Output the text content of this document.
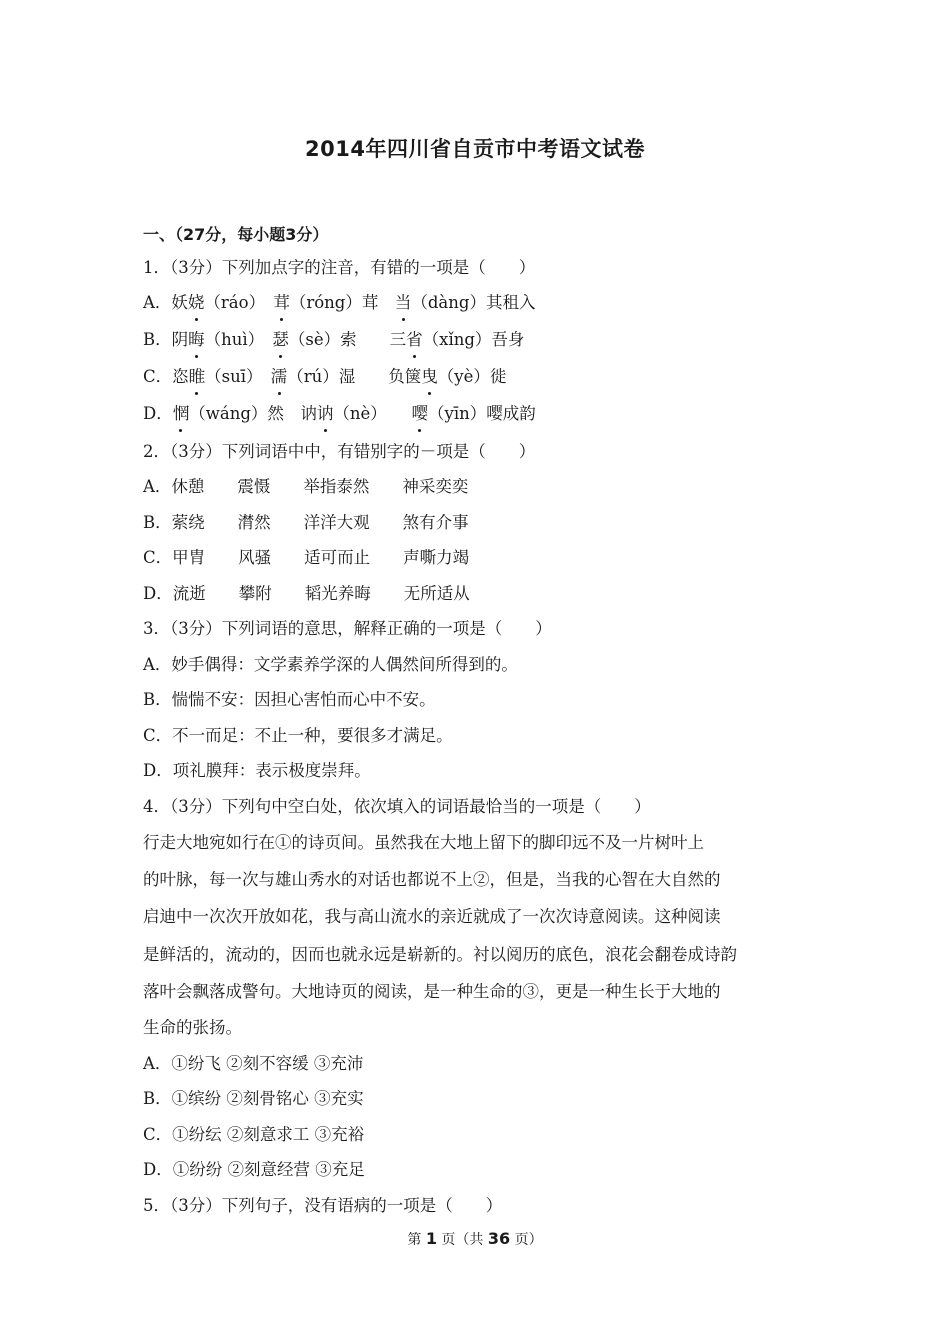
2014年四川省自贡市中考语文试卷
一、（27分，每小题3分）
1．（3分）下列加点字的注音，有错的一项是（　　）
A．妖娆（ráo）　茸（róng）茸　当（dàng）其租入
B．阴晦（huì）　瑟（sè）索　　三省（xǐng）吾身
C．恣睢（suī）　濡（rú）湿　　负箧曳（yè）徙
D．惘（wáng）然　讷讷（nè）　　嘤（yīn）嘤成韵
2．（3分）下列词语中中，有错别字的－项是（　　）
A．休憩　　震慑　　举指泰然　　神采奕奕
B．萦绕　　潸然　　洋洋大观　　煞有介事
C．甲胄　　风骚　　适可而止　　声嘶力竭
D．流逝　　攀附　　韬光养晦　　无所适从
3．（3分）下列词语的意思，解释正确的一项是（　　）
A．妙手偶得：文学素养学深的人偶然间所得到的。
B．惴惴不安：因担心害怕而心中不安。
C．不一而足：不止一种，要很多才满足。
D．项礼膜拜：表示极度崇拜。
4．（3分）下列句中空白处，依次填入的词语最恰当的一项是（　　）
行走大地宛如行在①的诗页间。虽然我在大地上留下的脚印远不及一片树叶上
的叶脉，每一次与雄山秀水的对话也都说不上②，但是，当我的心智在大自然的
启迪中一次次开放如花，我与高山流水的亲近就成了一次次诗意阅读。这种阅读
是鲜活的，流动的，因而也就永远是崭新的。衬以阅历的底色，浪花会翻卷成诗韵
落叶会飘落成警句。大地诗页的阅读，是一种生命的③，更是一种生长于大地的
生命的张扬。
A．①纷飞 ②刻不容缓 ③充沛
B．①缤纷 ②刻骨铭心 ③充实
C．①纷纭 ②刻意求工 ③充裕
D．①纷纷 ②刻意经营 ③充足
5．（3分）下列句子，没有语病的一项是（　　）
第 1 页（共 36 页）
